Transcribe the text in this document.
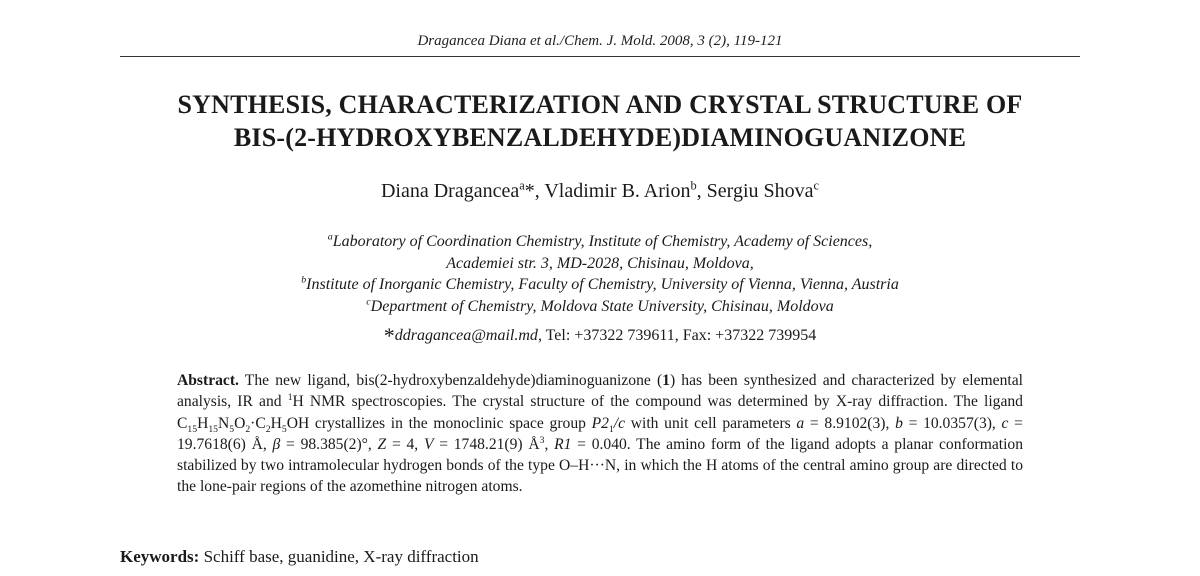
Dragancea Diana et al./Chem. J. Mold. 2008, 3 (2), 119-121
SYNTHESIS, CHARACTERIZATION AND CRYSTAL STRUCTURE OF
BIS-(2-HYDROXYBENZALDEHYDE)DIAMINOGUANIZONE
Diana Dragancea$^a$*, Vladimir B. Arion$^b$, Sergiu Shova$^c$
$^a$Laboratory of Coordination Chemistry, Institute of Chemistry, Academy of Sciences,
Academiei str. 3, MD-2028, Chisinau, Moldova,
$^b$Institute of Inorganic Chemistry, Faculty of Chemistry, University of Vienna, Vienna, Austria
$^c$Department of Chemistry, Moldova State University, Chisinau, Moldova
*ddragancea@mail.md, Tel: +37322 739611, Fax: +37322 739954

Abstract. The new ligand, bis(2-hydroxybenzaldehyde)diaminoguanizone (1) has been synthesized and characterized by elemental analysis, IR and $^1$H NMR spectroscopies. The crystal structure of the compound was determined by X-ray diffraction. The ligand $C_{15}H_{15}N_5O_2\cdot C_2H_5OH$ crystallizes in the monoclinic space group $P2_1/c$ with unit cell parameters a = 8.9102(3), b = 10.0357(3), c = 19.7618(6) Å, β = 98.385(2)°, Z = 4, V = 1748.21(9) $Å^3$, R1 = 0.040. The amino form of the ligand adopts a planar conformation stabilized by two intramolecular hydrogen bonds of the type O–H···N, in which the H atoms of the central amino group are directed to the lone-pair regions of the azomethine nitrogen atoms.

Keywords: Schiff base, guanidine, X-ray diffraction
